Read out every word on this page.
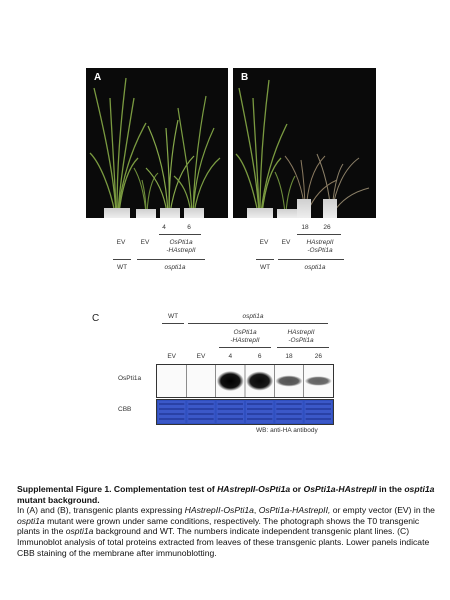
A
4	6
EV	EV	OsPti1a
-HAstrepII
WT	ospti1a
B
18	26
EV	EV	HAstrepII
-OsPti1a
WT	ospti1a
C	WT	ospti1a
OsPti1a
-HAstrepII
HAstrepII
-OsPti1a
EV	EV	4	6	18	26
OsPti1a
CBB
WB: anti-HA antibody

Supplemental Figure 1. Complementation test of HAstrepII-OsPti1a or OsPti1a-HAstrepII in the ospti1a mutant background.

In (A) and (B), transgenic plants expressing HAstrepII-OsPti1a, OsPti1a-HAstrepII, or empty vector (EV) in the ospti1a mutant were grown under same conditions, respectively. The photograph shows the T0 transgenic plants in the ospti1a background and WT. The numbers indicate independent transgenic plant lines. (C) Immunoblot analysis of total proteins extracted from leaves of these transgenic plants. Lower panels indicate CBB staining of the membrane after immunoblotting.
